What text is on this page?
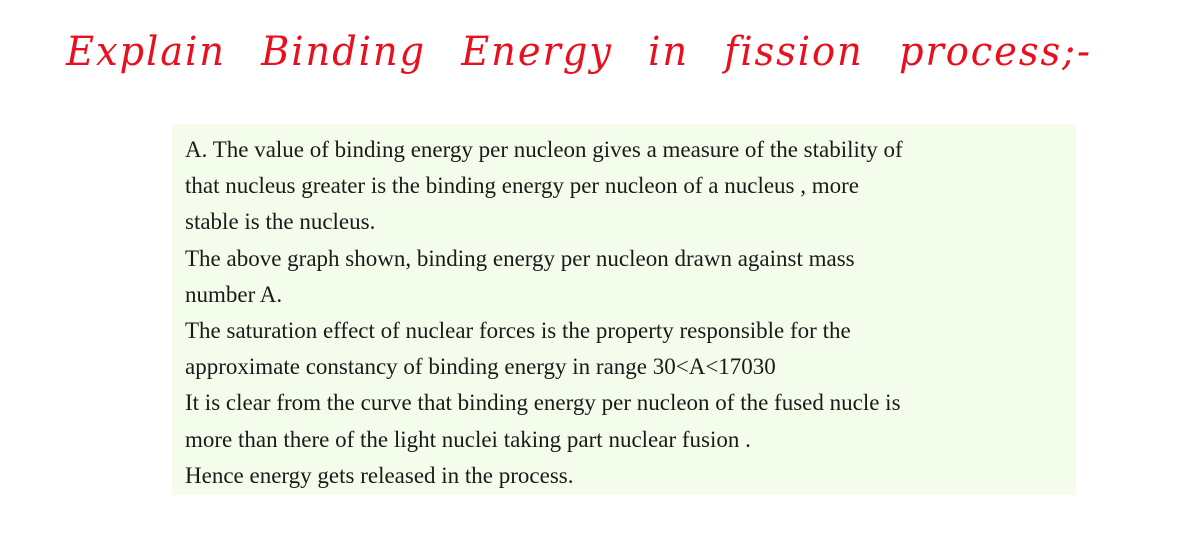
Explain Binding Energy in fission process;-
A. The value of binding energy per nucleon gives a measure of the stability of
that nucleus greater is the binding energy per nucleon of a nucleus , more
stable is the nucleus.
The above graph shown, binding energy per nucleon drawn against mass
number A.
The saturation effect of nuclear forces is the property responsible for the
approximate constancy of binding energy in range 30<A<17030
It is clear from the curve that binding energy per nucleon of the fused nucle is
more than there of the light nuclei taking part nuclear fusion .
Hence energy gets released in the process.
